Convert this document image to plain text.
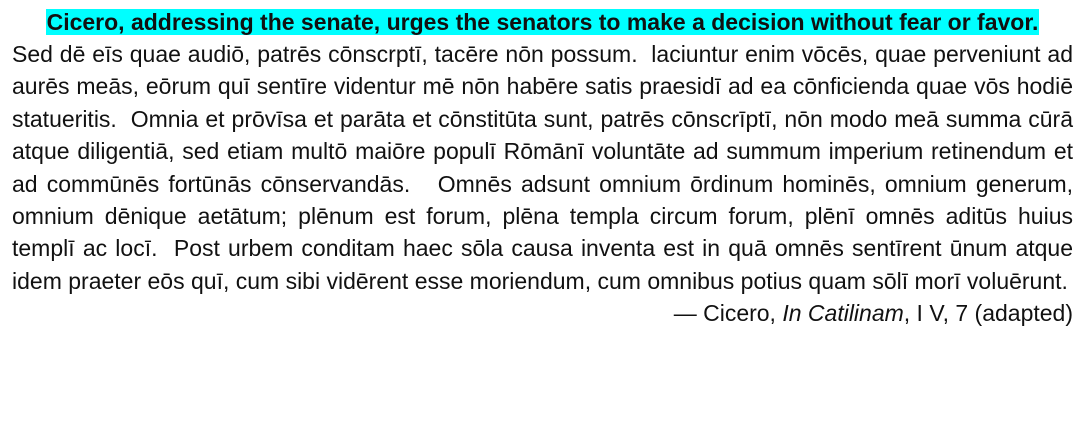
Cicero, addressing the senate, urges the senators to make a decision without fear or favor.

Sed dē eīs quae audiō, patrēs cōnscrptī, tacēre nōn possum.  laciuntur enim vōcēs, quae perveniunt ad aurēs meās, eōrum quī sentīre videntur mē nōn habēre satis praesidī ad ea cōnficienda quae vōs hodiē statueritis.  Omnia et prōvīsa et parāta et cōnstitūta sunt, patrēs cōnscrīptī, nōn modo meā summa cūrā atque diligentiā, sed etiam multō maiōre populī Rōmānī voluntāte ad summum imperium retinendum et ad commūnēs fortūnās cōnservandās.   Omnēs adsunt omnium ōrdinum hominēs, omnium generum, omnium dēnique aetātum; plēnum est forum, plēna templa circum forum, plēnī omnēs aditūs huius templī ac locī.  Post urbem conditam haec sōla causa inventa est in quā omnēs sentīrent ūnum atque idem praeter eōs quī, cum sibi vidērent esse moriendum, cum omnibus potius quam sōlī morī voluērunt.

— Cicero, In Catilinam, I V, 7 (adapted)
